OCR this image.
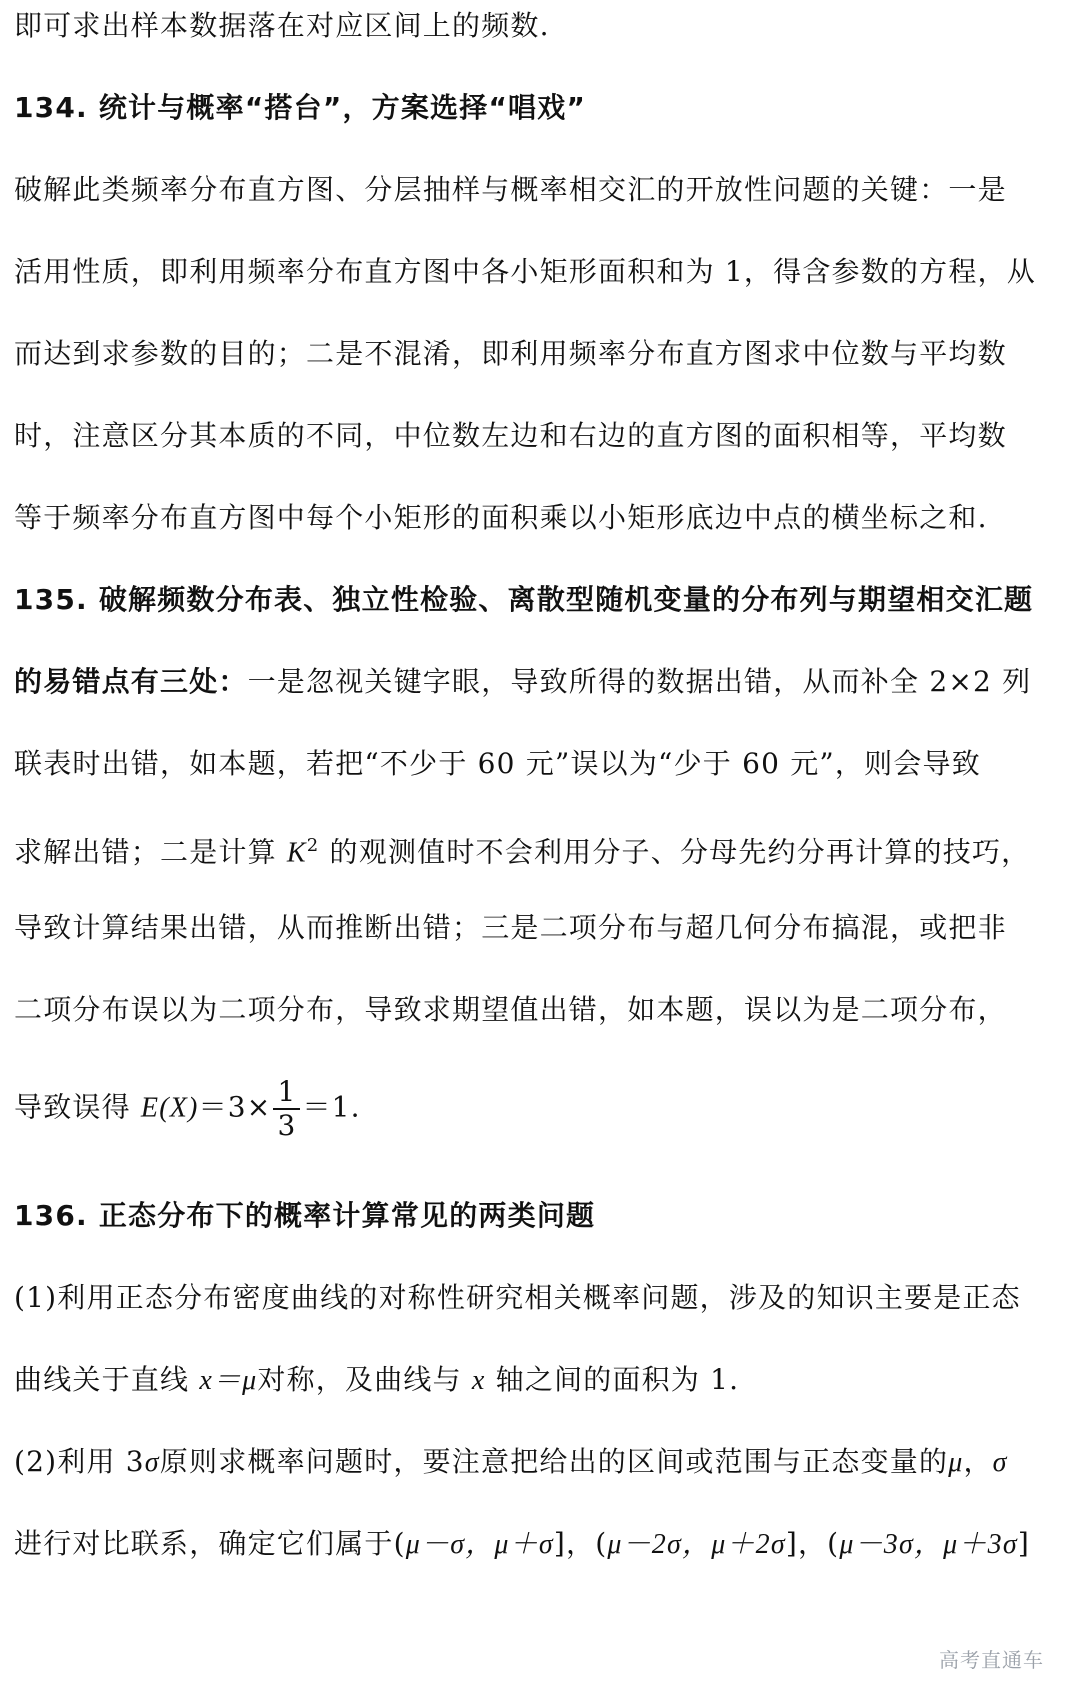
即可求出样本数据落在对应区间上的频数.
134. 统计与概率“搭台”，方案选择“唱戏”
破解此类频率分布直方图、分层抽样与概率相交汇的开放性问题的关键：一是
活用性质，即利用频率分布直方图中各小矩形面积和为 1，得含参数的方程，从
而达到求参数的目的；二是不混淆，即利用频率分布直方图求中位数与平均数
时，注意区分其本质的不同，中位数左边和右边的直方图的面积相等，平均数
等于频率分布直方图中每个小矩形的面积乘以小矩形底边中点的横坐标之和.
135. 破解频数分布表、独立性检验、离散型随机变量的分布列与期望相交汇题
的易错点有三处：一是忽视关键字眼，导致所得的数据出错，从而补全 2×2 列
联表时出错，如本题，若把“不少于 60 元”误以为“少于 60 元”，则会导致
求解出错；二是计算 $K^2$ 的观测值时不会利用分子、分母先约分再计算的技巧，
导致计算结果出错，从而推断出错；三是二项分布与超几何分布搞混，或把非
二项分布误以为二项分布，导致求期望值出错，如本题，误以为是二项分布，
导致误得 $E(X)=3\times \frac{1}{3} =1$.
136. 正态分布下的概率计算常见的两类问题
(1)利用正态分布密度曲线的对称性研究相关概率问题，涉及的知识主要是正态
曲线关于直线 x＝μ对称，及曲线与 x 轴之间的面积为 1.
(2)利用 3σ原则求概率问题时，要注意把给出的区间或范围与正态变量的μ，σ
进行对比联系，确定它们属于(μ－σ，μ＋σ]，(μ－2σ，μ＋2σ]，(μ－3σ，μ＋3σ]
高考直通车
